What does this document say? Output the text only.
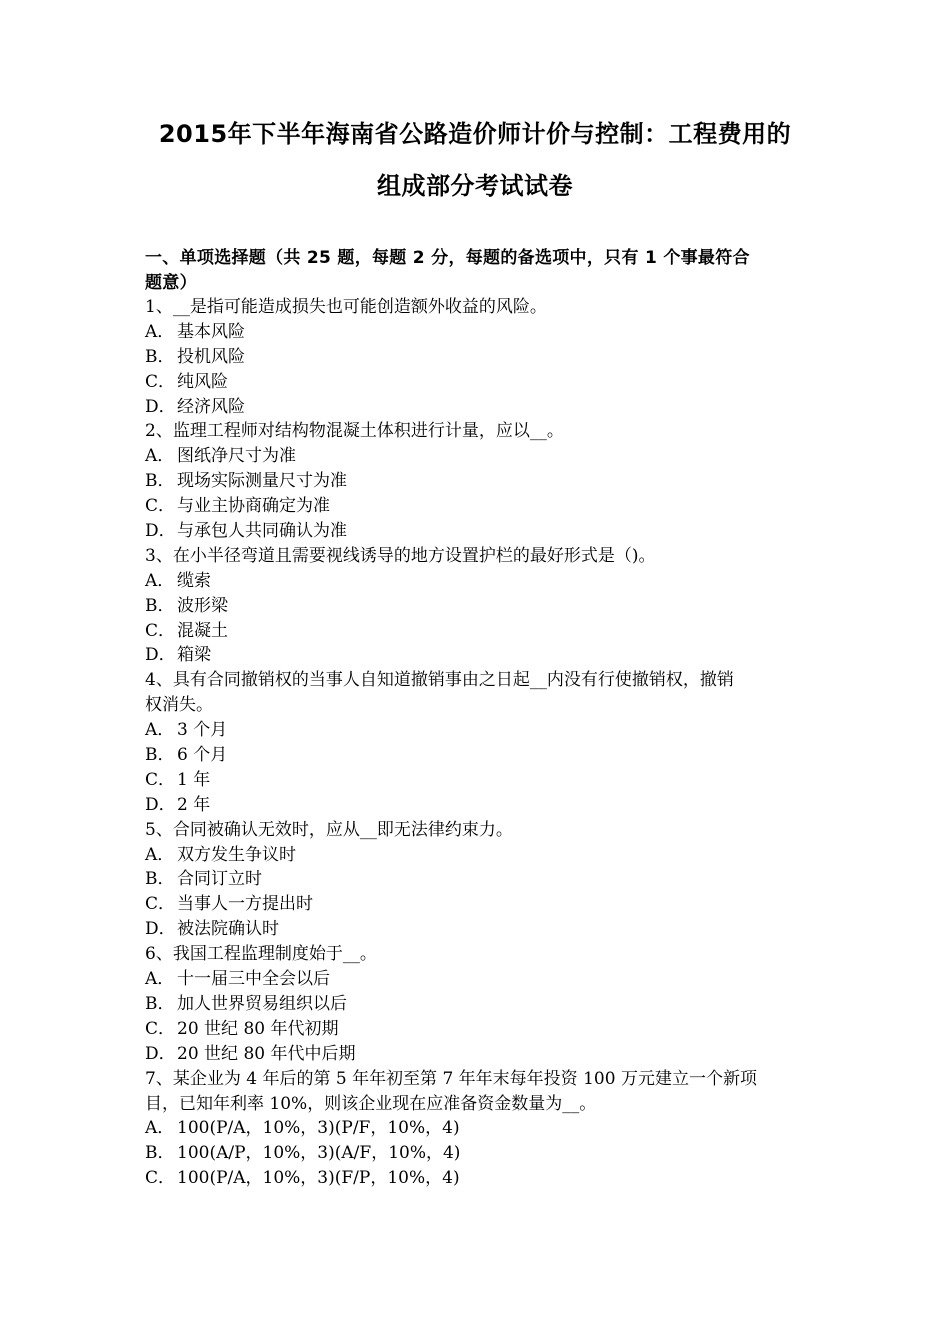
2015年下半年海南省公路造价师计价与控制：工程费用的
组成部分考试试卷
一、单项选择题（共 25 题，每题 2 分，每题的备选项中，只有 1 个事最符合
题意）
1、__是指可能造成损失也可能创造额外收益的风险。
A． 基本风险
B． 投机风险
C． 纯风险
D．经济风险
2、监理工程师对结构物混凝土体积进行计量，应以__。
A． 图纸净尺寸为准
B． 现场实际测量尺寸为准
C． 与业主协商确定为准
D．与承包人共同确认为准
3、在小半径弯道且需要视线诱导的地方设置护栏的最好形式是（)。
A． 缆索
B． 波形梁
C． 混凝土
D．箱梁
4、具有合同撤销权的当事人自知道撤销事由之日起__内没有行使撤销权，撤销
权消失。
A． 3 个月
B． 6 个月
C． 1 年
D．2 年
5、合同被确认无效时，应从__即无法律约束力。
A． 双方发生争议时
B． 合同订立时
C． 当事人一方提出时
D．被法院确认时
6、我国工程监理制度始于__。
A． 十一届三中全会以后
B． 加人世界贸易组织以后
C． 20 世纪 80 年代初期
D．20 世纪 80 年代中后期
7、某企业为 4 年后的第 5 年年初至第 7 年年末每年投资 100 万元建立一个新项
目，已知年利率 10%，则该企业现在应准备资金数量为__。
A． 100(P/A，10%，3)(P/F，10%，4)
B． 100(A/P，10%，3)(A/F，10%，4)
C． 100(P/A，10%，3)(F/P，10%，4)
